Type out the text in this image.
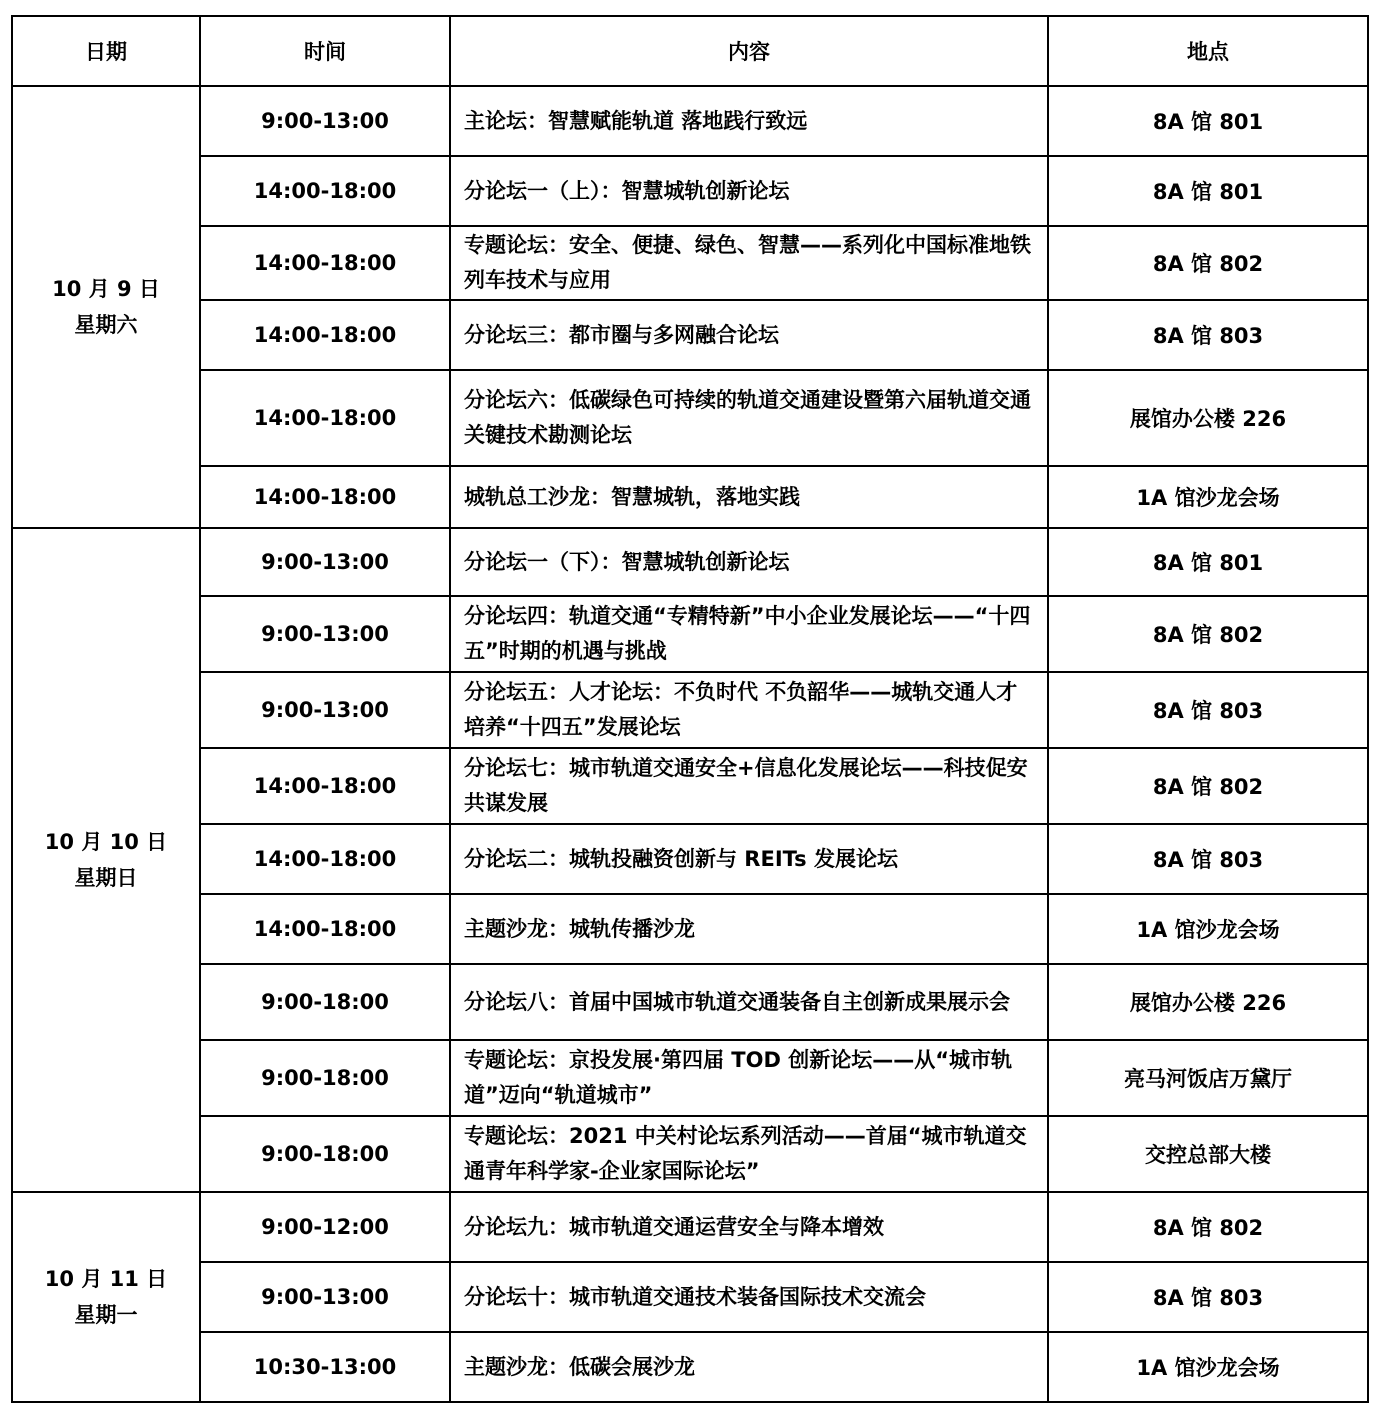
日期	时间	内容	地点

10 月 9 日
星期六	9:00-13:00	主论坛：智慧赋能轨道 落地践行致远	8A 馆 801
	14:00-18:00	分论坛一（上）：智慧城轨创新论坛	8A 馆 801
	14:00-18:00	专题论坛：安全、便捷、绿色、智慧——系列化中国标准地铁列车技术与应用	8A 馆 802
	14:00-18:00	分论坛三：都市圈与多网融合论坛	8A 馆 803
	14:00-18:00	分论坛六：低碳绿色可持续的轨道交通建设暨第六届轨道交通关键技术勘测论坛	展馆办公楼 226
	14:00-18:00	城轨总工沙龙：智慧城轨，落地实践	1A 馆沙龙会场

10 月 10 日
星期日	9:00-13:00	分论坛一（下）：智慧城轨创新论坛	8A 馆 801
	9:00-13:00	分论坛四：轨道交通“专精特新”中小企业发展论坛——“十四五”时期的机遇与挑战	8A 馆 802
	9:00-13:00	分论坛五：人才论坛：不负时代 不负韶华——城轨交通人才培养“十四五”发展论坛	8A 馆 803
	14:00-18:00	分论坛七：城市轨道交通安全+信息化发展论坛——科技促安 共谋发展	8A 馆 802
	14:00-18:00	分论坛二：城轨投融资创新与 REITs 发展论坛	8A 馆 803
	14:00-18:00	主题沙龙：城轨传播沙龙	1A 馆沙龙会场
	9:00-18:00	分论坛八：首届中国城市轨道交通装备自主创新成果展示会	展馆办公楼 226
	9:00-18:00	专题论坛：京投发展·第四届 TOD 创新论坛——从“城市轨道”迈向“轨道城市”	亮马河饭店万黛厅
	9:00-18:00	专题论坛：2021 中关村论坛系列活动——首届“城市轨道交通青年科学家-企业家国际论坛”	交控总部大楼

10 月 11 日
星期一	9:00-12:00	分论坛九：城市轨道交通运营安全与降本增效	8A 馆 802
	9:00-13:00	分论坛十：城市轨道交通技术装备国际技术交流会	8A 馆 803
	10:30-13:00	主题沙龙：低碳会展沙龙	1A 馆沙龙会场
